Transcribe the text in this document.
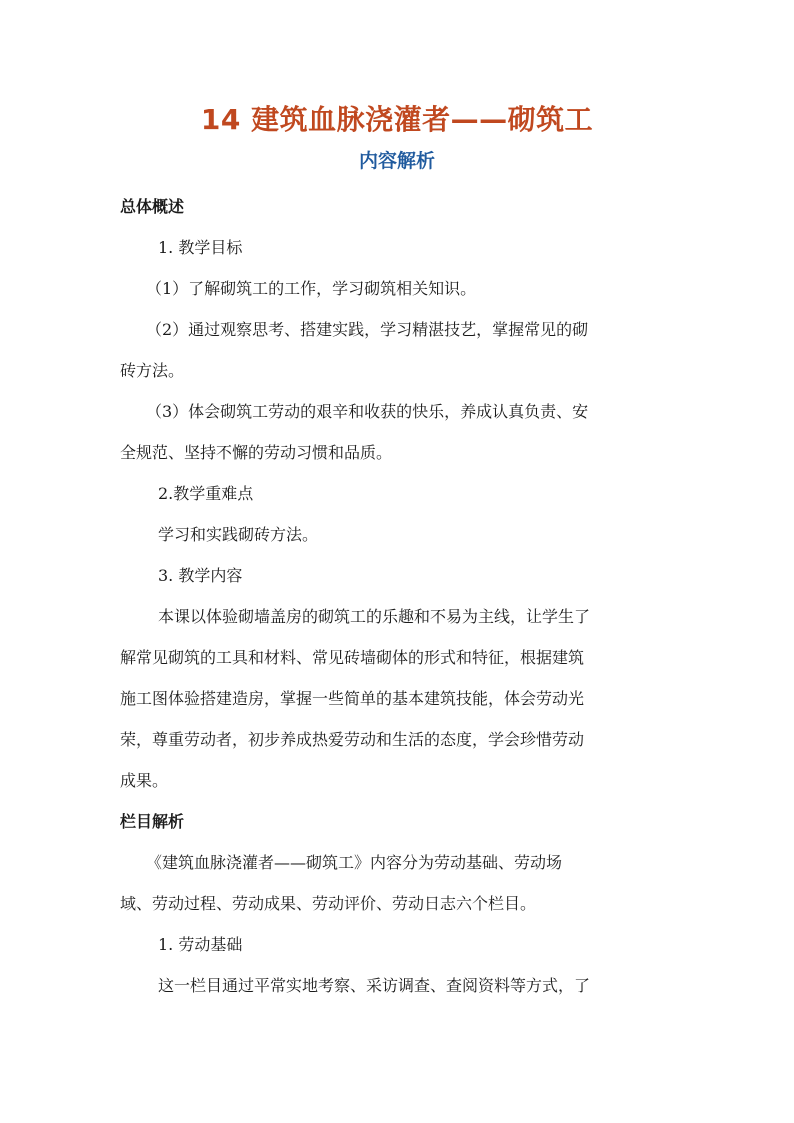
14 建筑血脉浇灌者——砌筑工
内容解析

总体概述

1. 教学目标

（1）了解砌筑工的工作，学习砌筑相关知识。

（2）通过观察思考、搭建实践，学习精湛技艺，掌握常见的砌

砖方法。

（3）体会砌筑工劳动的艰辛和收获的快乐，养成认真负责、安

全规范、坚持不懈的劳动习惯和品质。

2.教学重难点

学习和实践砌砖方法。

3. 教学内容

本课以体验砌墙盖房的砌筑工的乐趣和不易为主线，让学生了

解常见砌筑的工具和材料、常见砖墙砌体的形式和特征，根据建筑

施工图体验搭建造房，掌握一些简单的基本建筑技能，体会劳动光

荣，尊重劳动者，初步养成热爱劳动和生活的态度，学会珍惜劳动

成果。

栏目解析

《建筑血脉浇灌者——砌筑工》内容分为劳动基础、劳动场

域、劳动过程、劳动成果、劳动评价、劳动日志六个栏目。

1. 劳动基础

这一栏目通过平常实地考察、采访调查、查阅资料等方式，了
